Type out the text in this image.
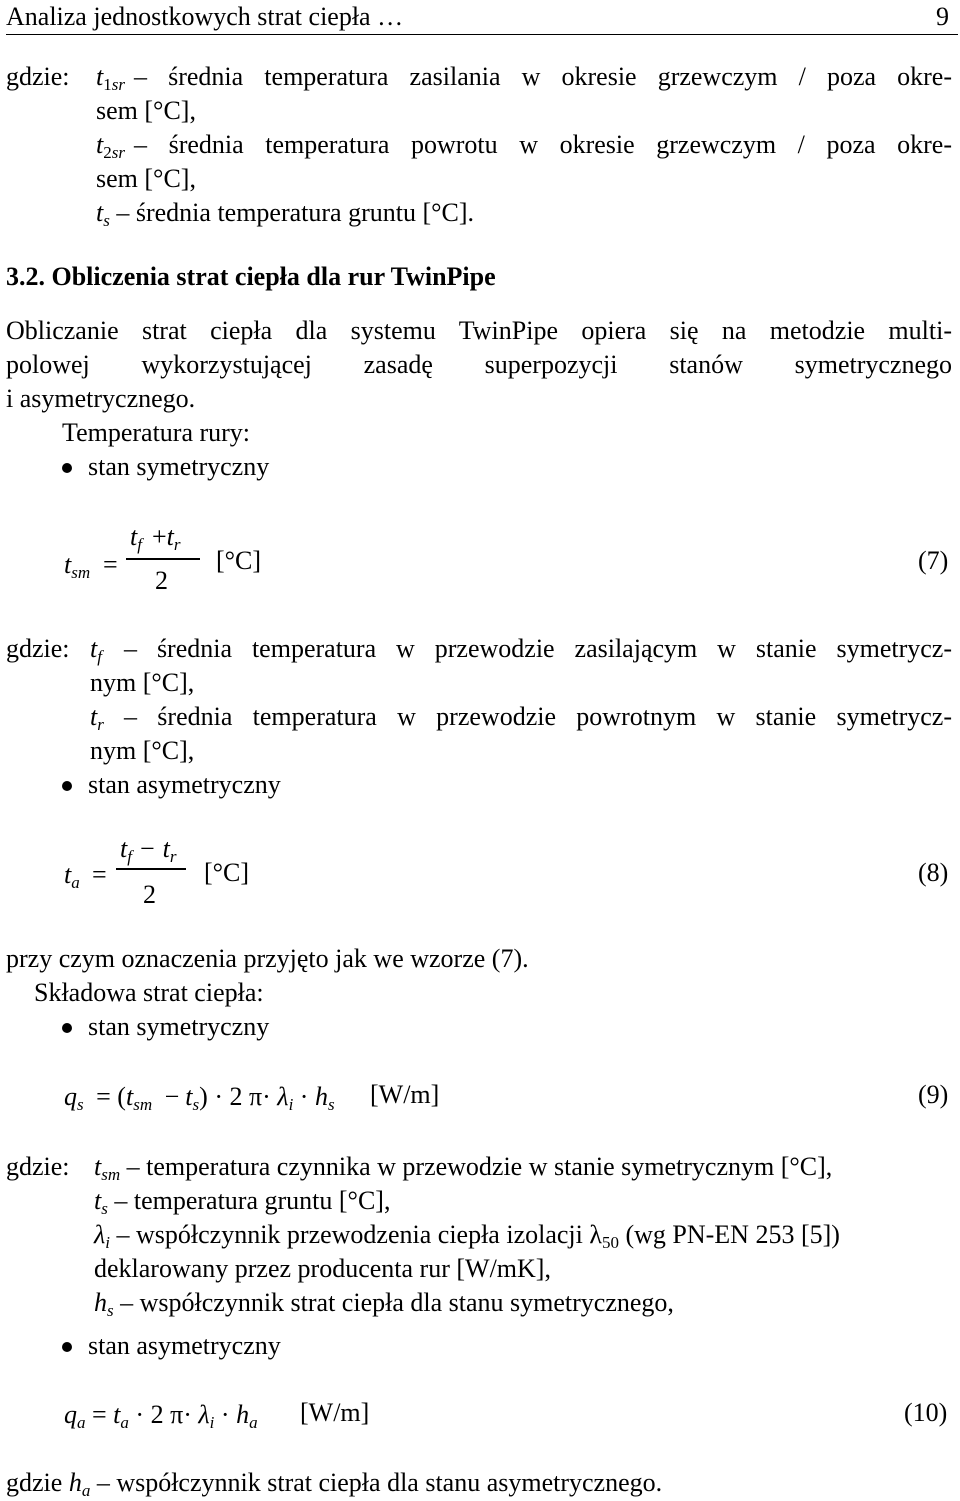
Analiza jednostkowych strat ciepła …	9
gdzie: $t_{1sr}$ – średnia temperatura zasilania w okresie grzewczym / poza okre-
sem [°C],
$t_{2sr}$ – średnia temperatura powrotu w okresie grzewczym / poza okre-
sem [°C],
$t_s$ – średnia temperatura gruntu [°C].
3.2. Obliczenia strat ciepła dla rur TwinPipe
Obliczanie strat ciepła dla systemu TwinPipe opiera się na metodzie multi-
polowej wykorzystującej zasadę superpozycji stanów symetrycznego
i asymetrycznego.
Temperatura rury:
stan symetryczny
$t_{sm}$ =
$t_f +t_r$
2
[°C]	(7)
gdzie: $t_f$ – średnia temperatura w przewodzie zasilającym w stanie symetrycz-
nym [°C],
$t_r$ – średnia temperatura w przewodzie powrotnym w stanie symetrycz-
nym [°C],
stan asymetryczny
$t_a$ =
$t_f - t_r$
2
[°C]	(8)
przy czym oznaczenia przyjęto jak we wzorze (7).
Składowa strat ciepła:
stan symetryczny
$q_s = (t_{sm} - t_s) \cdot 2$ $\pi\cdot \lambda_i \cdot h_s$ [W/m]	(9)
gdzie: $t_{sm}$ – temperatura czynnika w przewodzie w stanie symetrycznym [°C],
$t_s$ – temperatura gruntu [°C],
$\lambda_i$ – współczynnik przewodzenia ciepła izolacji $\lambda_{50}$ (wg PN-EN 253 [5])
deklarowany przez producenta rur [W/mK],
$h_s$ – współczynnik strat ciepła dla stanu symetrycznego,
stan asymetryczny
$q_a = t_a \cdot 2$ $\pi\cdot \lambda_i \cdot h_a$ [W/m]	(10)
gdzie $h_a$ – współczynnik strat ciepła dla stanu asymetrycznego.
